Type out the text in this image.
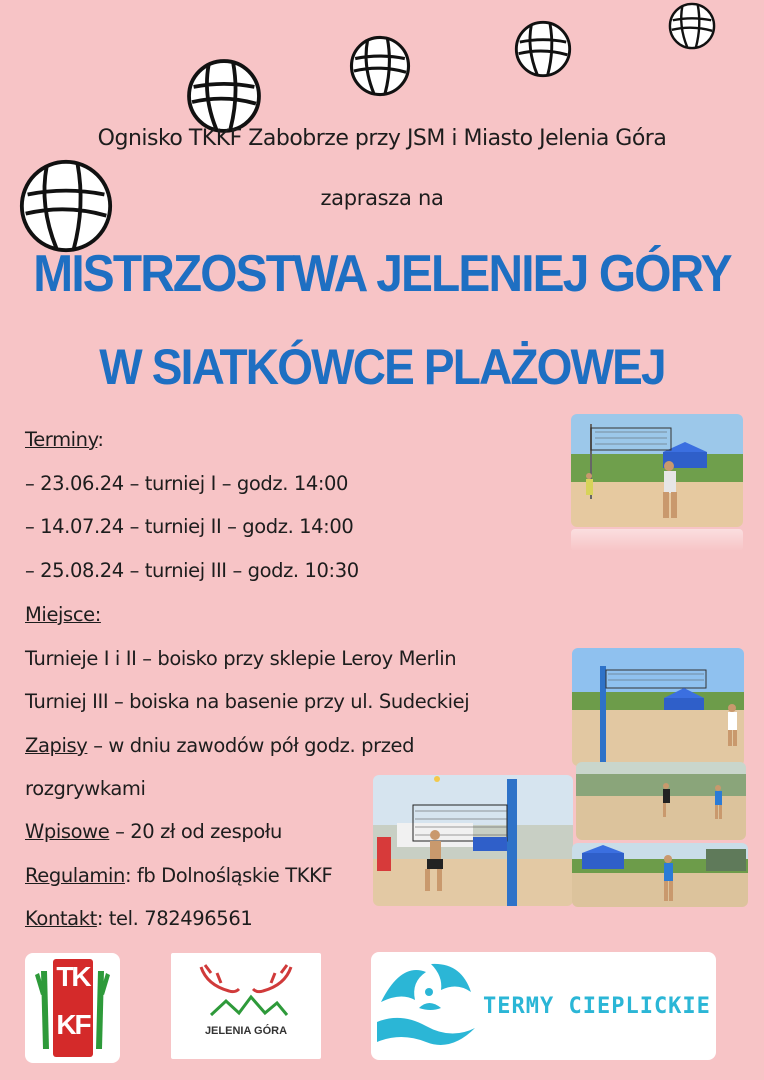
Ognisko TKKF Zabobrze przy JSM i Miasto Jelenia Góra
zaprasza na
MISTRZOSTWA JELENIEJ GÓRY
W SIATKÓWCE PLAŻOWEJ
Terminy:
– 23.06.24 – turniej I – godz. 14:00
– 14.07.24 – turniej II – godz. 14:00
– 25.08.24 – turniej III – godz. 10:30
Miejsce:
Turnieje I i II – boisko przy sklepie Leroy Merlin
Turniej III – boiska na basenie przy ul. Sudeckiej
Zapisy – w dniu zawodów pół godz. przed
rozgrywkami
Wpisowe – 20 zł od zespołu
Regulamin: fb Dolnośląskie TKKF
Kontakt: tel. 782496561
TK
KF	JELENIA GÓRA
TERMY CIEPLICKIE
